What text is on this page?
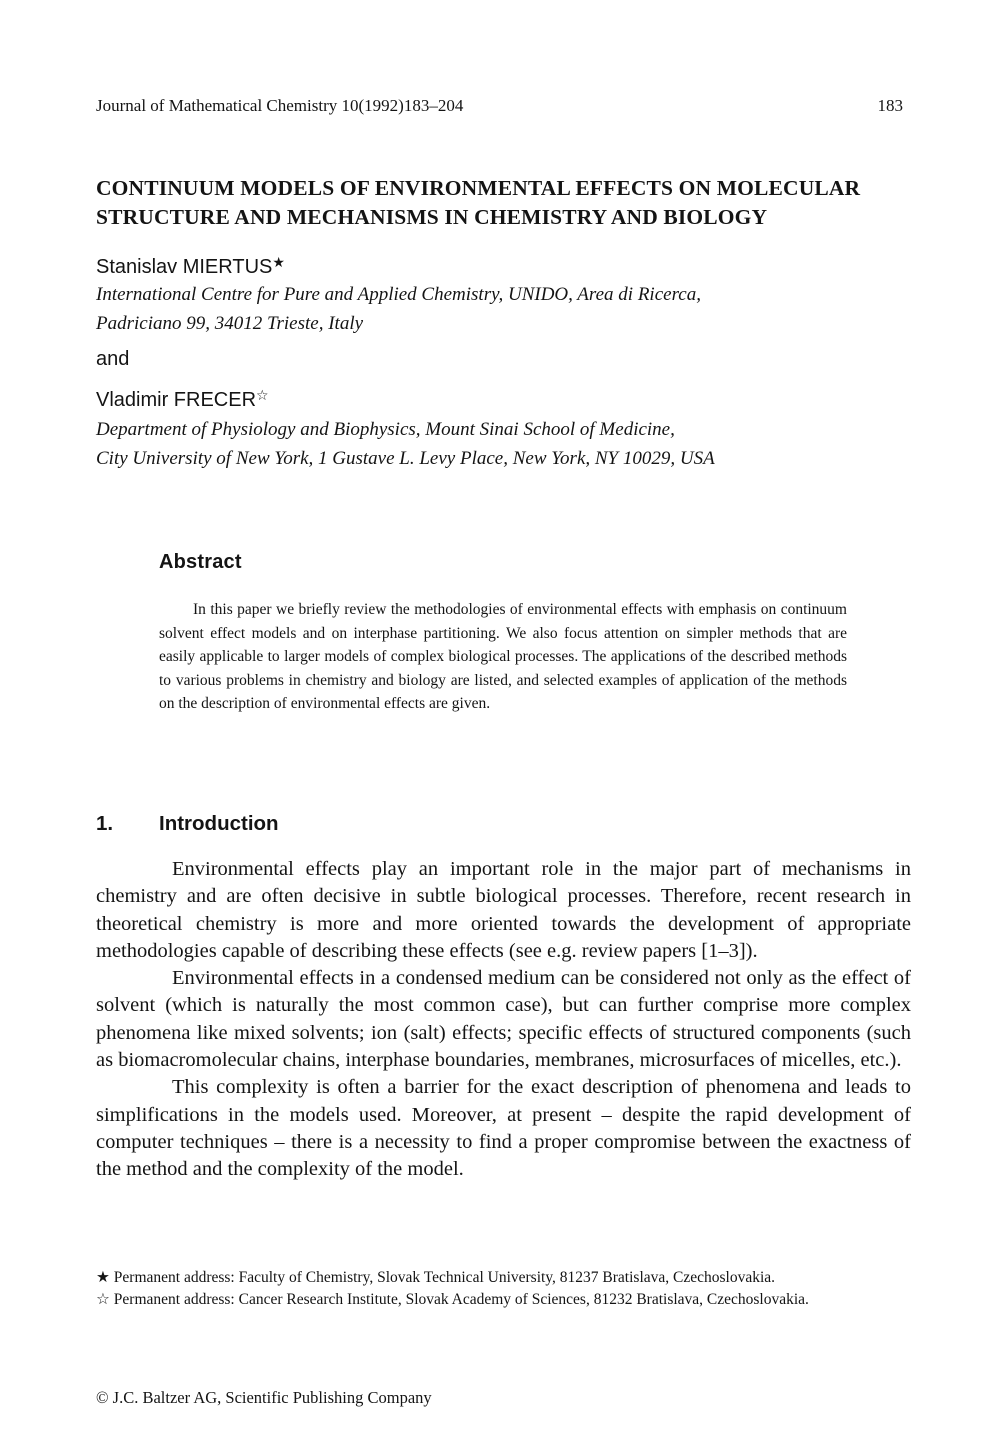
Journal of Mathematical Chemistry 10(1992)183–204	183
CONTINUUM MODELS OF ENVIRONMENTAL EFFECTS ON MOLECULAR
STRUCTURE AND MECHANISMS IN CHEMISTRY AND BIOLOGY
Stanislav MIERTUS★
International Centre for Pure and Applied Chemistry, UNIDO, Area di Ricerca,
Padriciano 99, 34012 Trieste, Italy
and
Vladimir FRECER☆
Department of Physiology and Biophysics, Mount Sinai School of Medicine,
City University of New York, 1 Gustave L. Levy Place, New York, NY 10029, USA
Abstract
In this paper we briefly review the methodologies of environmental effects with emphasis on continuum solvent effect models and on interphase partitioning. We also focus attention on simpler methods that are easily applicable to larger models of complex biological processes. The applications of the described methods to various problems in chemistry and biology are listed, and selected examples of application of the methods on the description of environmental effects are given.
1. Introduction

Environmental effects play an important role in the major part of mechanisms in chemistry and are often decisive in subtle biological processes. Therefore, recent research in theoretical chemistry is more and more oriented towards the development of appropriate methodologies capable of describing these effects (see e.g. review papers [1–3]).

Environmental effects in a condensed medium can be considered not only as the effect of solvent (which is naturally the most common case), but can further comprise more complex phenomena like mixed solvents; ion (salt) effects; specific effects of structured components (such as biomacromolecular chains, interphase boundaries, membranes, microsurfaces of micelles, etc.).

This complexity is often a barrier for the exact description of phenomena and leads to simplifications in the models used. Moreover, at present – despite the rapid development of computer techniques – there is a necessity to find a proper compromise between the exactness of the method and the complexity of the model.

★ Permanent address: Faculty of Chemistry, Slovak Technical University, 81237 Bratislava, Czechoslovakia.
☆ Permanent address: Cancer Research Institute, Slovak Academy of Sciences, 81232 Bratislava, Czechoslovakia.
© J.C. Baltzer AG, Scientific Publishing Company
